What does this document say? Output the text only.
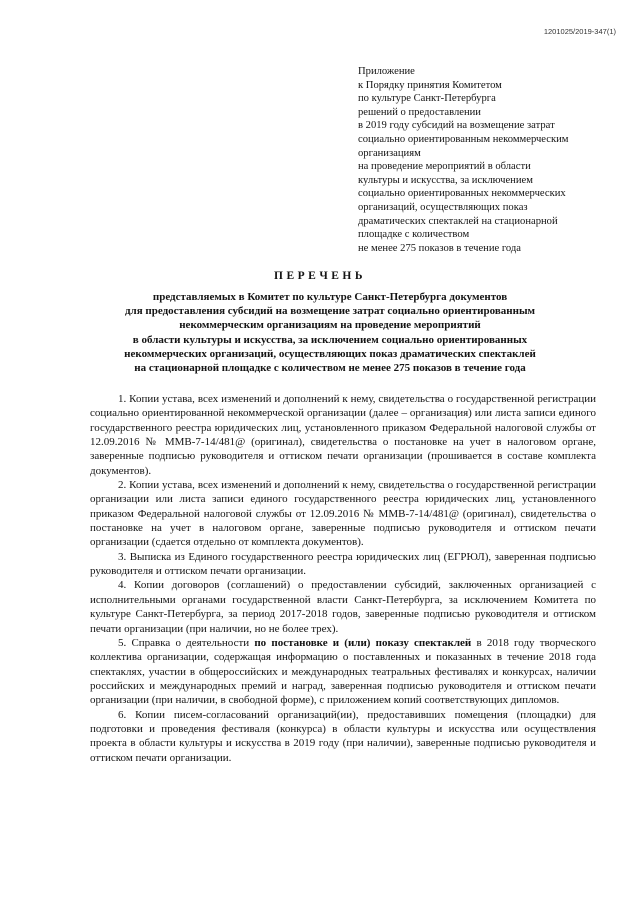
1201025/2019-347(1)
Приложение
к Порядку принятия Комитетом
по культуре Санкт-Петербурга
решений о предоставлении
в 2019 году субсидий на возмещение затрат
социально ориентированным некоммерческим
организациям
на проведение мероприятий в области
культуры и искусства, за исключением
социально ориентированных некоммерческих
организаций, осуществляющих показ
драматических спектаклей на стационарной
площадке с количеством
не менее 275 показов в течение года
ПЕРЕЧЕНЬ
представляемых в Комитет по культуре Санкт-Петербурга документов
для предоставления субсидий на возмещение затрат социально ориентированным
некоммерческим организациям на проведение мероприятий
в области культуры и искусства, за исключением социально ориентированных
некоммерческих организаций, осуществляющих показ драматических спектаклей
на стационарной площадке с количеством не менее 275 показов в течение года

1. Копии устава, всех изменений и дополнений к нему, свидетельства о государственной регистрации социально ориентированной некоммерческой организации (далее – организация) или листа записи единого государственного реестра юридических лиц, установленного приказом Федеральной налоговой службы от 12.09.2016 № ММВ-7-14/481@ (оригинал), свидетельства о постановке на учет в налоговом органе, заверенные подписью руководителя и оттиском печати организации (прошивается в составе комплекта документов).

2. Копии устава, всех изменений и дополнений к нему, свидетельства о государственной регистрации организации или листа записи единого государственного реестра юридических лиц, установленного приказом Федеральной налоговой службы от 12.09.2016 № ММВ-7-14/481@ (оригинал), свидетельства о постановке на учет в налоговом органе, заверенные подписью руководителя и оттиском печати организации (сдается отдельно от комплекта документов).

3. Выписка из Единого государственного реестра юридических лиц (ЕГРЮЛ), заверенная подписью руководителя и оттиском печати организации.

4. Копии договоров (соглашений) о предоставлении субсидий, заключенных организацией с исполнительными органами государственной власти Санкт-Петербурга, за исключением Комитета по культуре Санкт-Петербурга, за период 2017-2018 годов, заверенные подписью руководителя и оттиском печати организации (при наличии, но не более трех).

5. Справка о деятельности по постановке и (или) показу спектаклей в 2018 году творческого коллектива организации, содержащая информацию о поставленных и показанных в течение 2018 года спектаклях, участии в общероссийских и международных театральных фестивалях и конкурсах, наличии российских и международных премий и наград, заверенная подписью руководителя и оттиском печати организации (при наличии, в свободной форме), с приложением копий соответствующих дипломов.

6. Копии писем-согласований организаций(ии), предоставивших помещения (площадки) для подготовки и проведения фестиваля (конкурса) в области культуры и искусства или осуществления проекта в области культуры и искусства в 2019 году (при наличии), заверенные подписью руководителя и оттиском печати организации.
